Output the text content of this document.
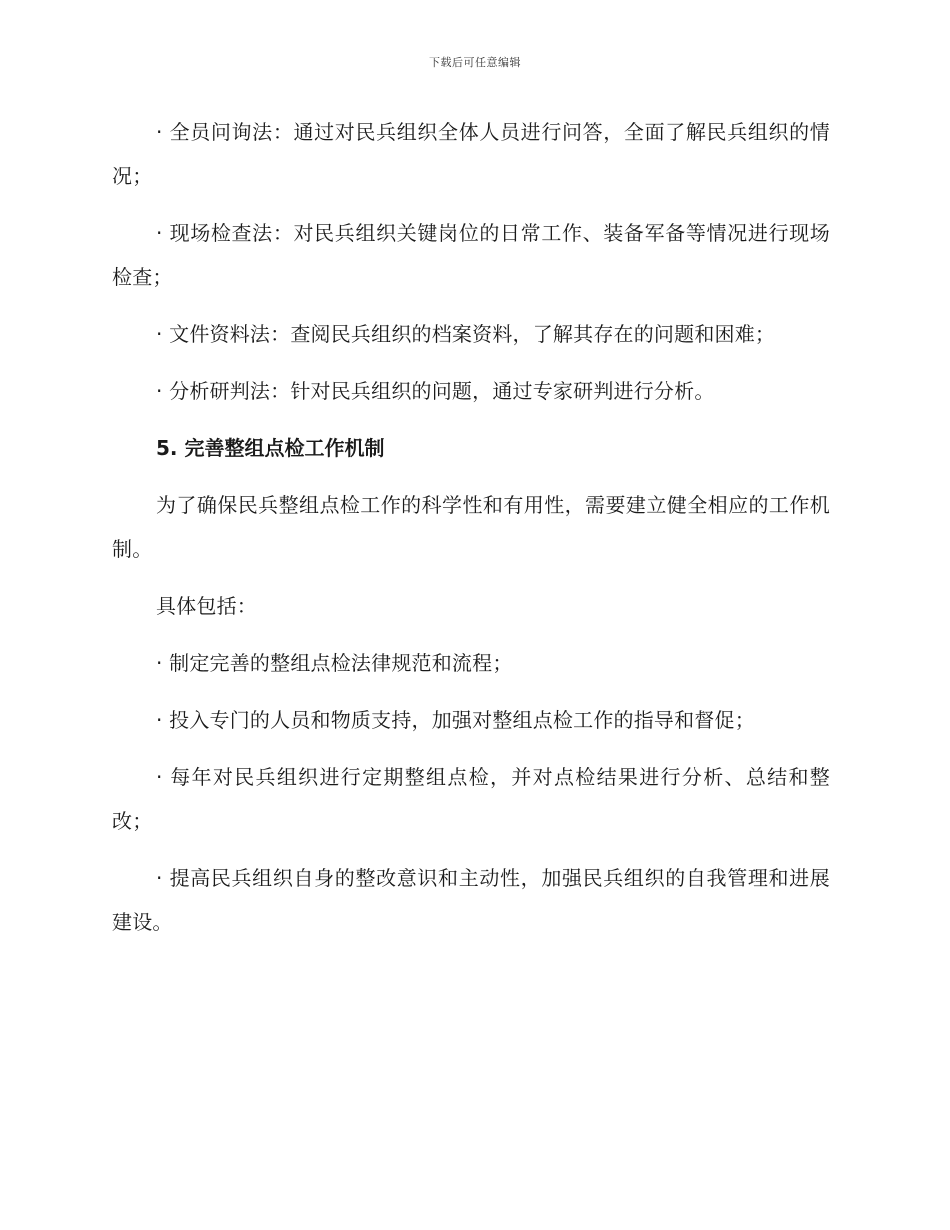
下载后可任意编辑

· 全员问询法：通过对民兵组织全体人员进行问答，全面了解民兵组织的情况；

· 现场检查法：对民兵组织关键岗位的日常工作、装备军备等情况进行现场检查；

· 文件资料法：查阅民兵组织的档案资料，了解其存在的问题和困难；

· 分析研判法：针对民兵组织的问题，通过专家研判进行分析。

5. 完善整组点检工作机制

为了确保民兵整组点检工作的科学性和有用性，需要建立健全相应的工作机制。

具体包括：

· 制定完善的整组点检法律规范和流程；

· 投入专门的人员和物质支持，加强对整组点检工作的指导和督促；

· 每年对民兵组织进行定期整组点检，并对点检结果进行分析、总结和整改；

· 提高民兵组织自身的整改意识和主动性，加强民兵组织的自我管理和进展建设。
